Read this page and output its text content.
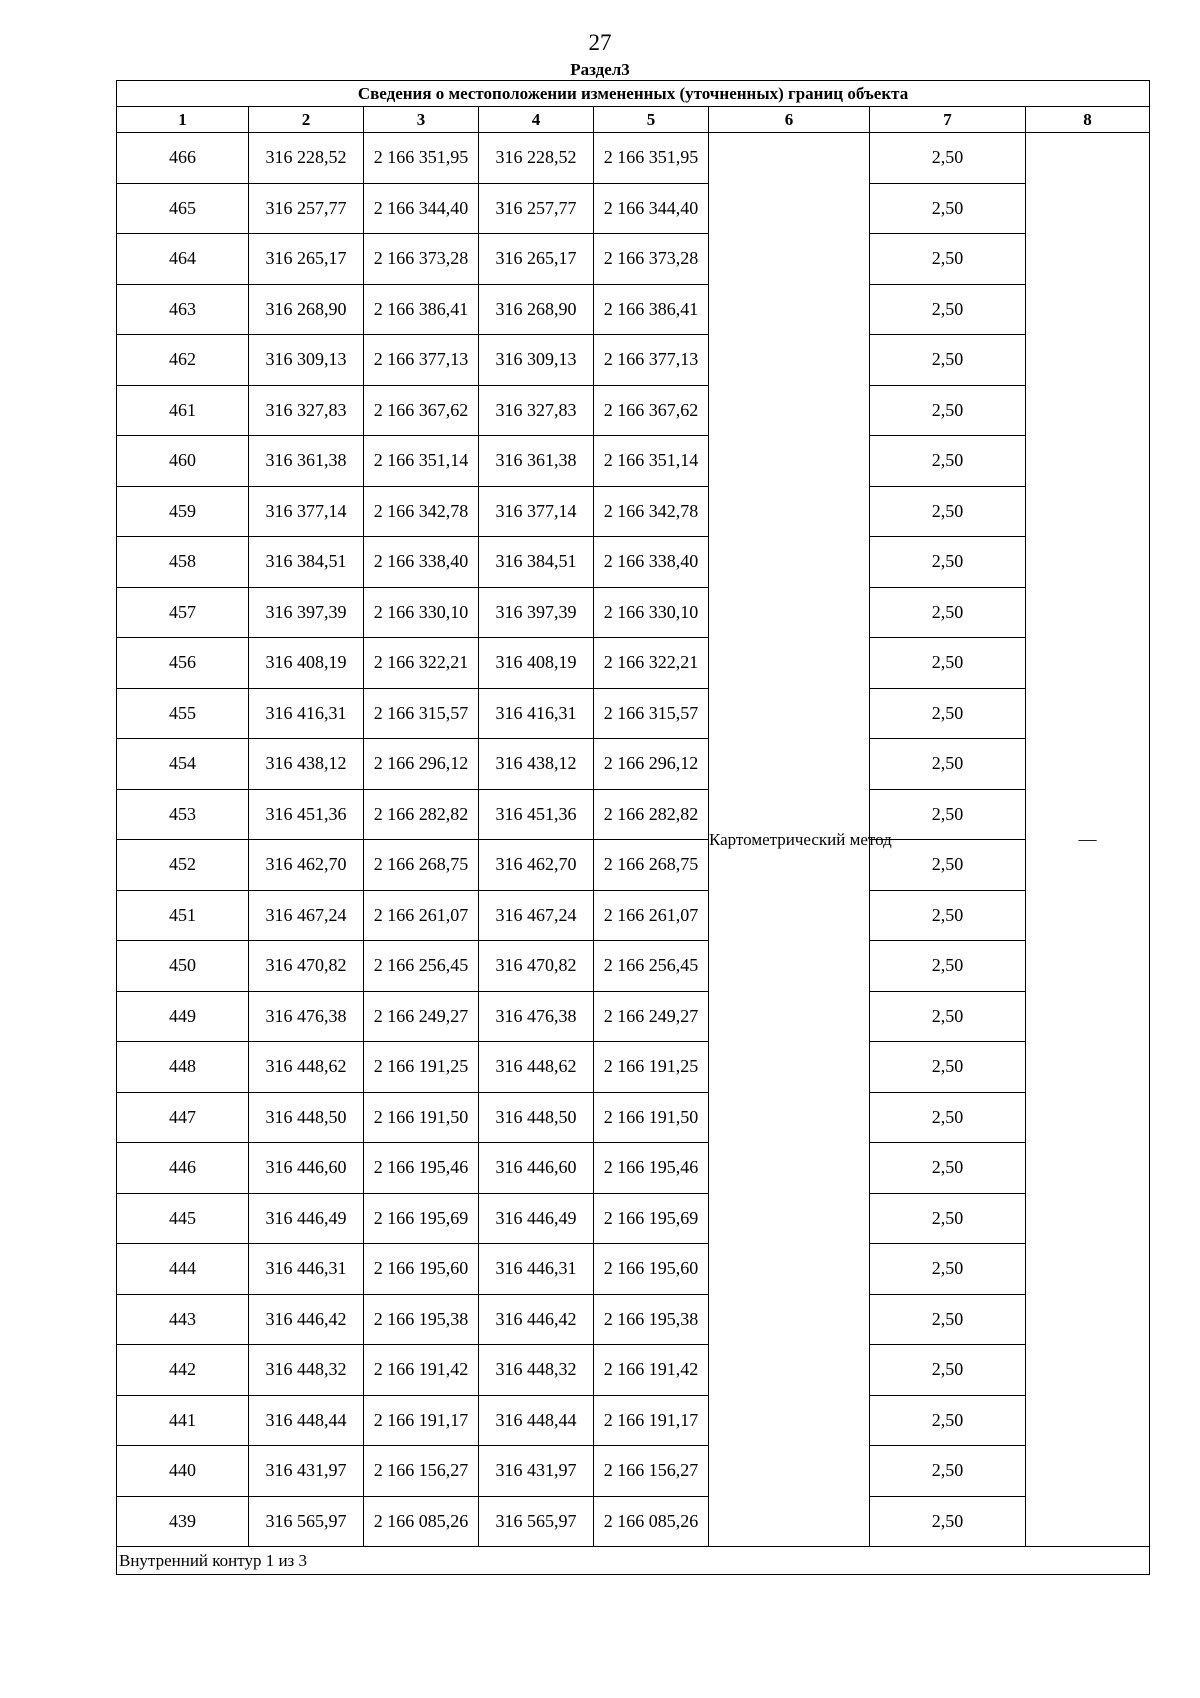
27
Раздел3
Сведения о местоположении измененных (уточненных) границ объекта							
1	2	3	4	5	6	7	8
466	316 228,52	2 166 351,95	316 228,52	2 166 351,95	Картометрический метод	2,50	—
465	316 257,77	2 166 344,40	316 257,77	2 166 344,40		2,50	
464	316 265,17	2 166 373,28	316 265,17	2 166 373,28		2,50	
463	316 268,90	2 166 386,41	316 268,90	2 166 386,41		2,50	
462	316 309,13	2 166 377,13	316 309,13	2 166 377,13		2,50	
461	316 327,83	2 166 367,62	316 327,83	2 166 367,62		2,50	
460	316 361,38	2 166 351,14	316 361,38	2 166 351,14		2,50	
459	316 377,14	2 166 342,78	316 377,14	2 166 342,78		2,50	
458	316 384,51	2 166 338,40	316 384,51	2 166 338,40		2,50	
457	316 397,39	2 166 330,10	316 397,39	2 166 330,10		2,50	
456	316 408,19	2 166 322,21	316 408,19	2 166 322,21		2,50	
455	316 416,31	2 166 315,57	316 416,31	2 166 315,57		2,50	
454	316 438,12	2 166 296,12	316 438,12	2 166 296,12		2,50	
453	316 451,36	2 166 282,82	316 451,36	2 166 282,82		2,50	
452	316 462,70	2 166 268,75	316 462,70	2 166 268,75		2,50	
451	316 467,24	2 166 261,07	316 467,24	2 166 261,07		2,50	
450	316 470,82	2 166 256,45	316 470,82	2 166 256,45		2,50	
449	316 476,38	2 166 249,27	316 476,38	2 166 249,27		2,50	
448	316 448,62	2 166 191,25	316 448,62	2 166 191,25		2,50	
447	316 448,50	2 166 191,50	316 448,50	2 166 191,50		2,50	
446	316 446,60	2 166 195,46	316 446,60	2 166 195,46		2,50	
445	316 446,49	2 166 195,69	316 446,49	2 166 195,69		2,50	
444	316 446,31	2 166 195,60	316 446,31	2 166 195,60		2,50	
443	316 446,42	2 166 195,38	316 446,42	2 166 195,38		2,50	
442	316 448,32	2 166 191,42	316 448,32	2 166 191,42		2,50	
441	316 448,44	2 166 191,17	316 448,44	2 166 191,17		2,50	
440	316 431,97	2 166 156,27	316 431,97	2 166 156,27		2,50	
439	316 565,97	2 166 085,26	316 565,97	2 166 085,26		2,50	
Внутренний контур 1 из 3							
